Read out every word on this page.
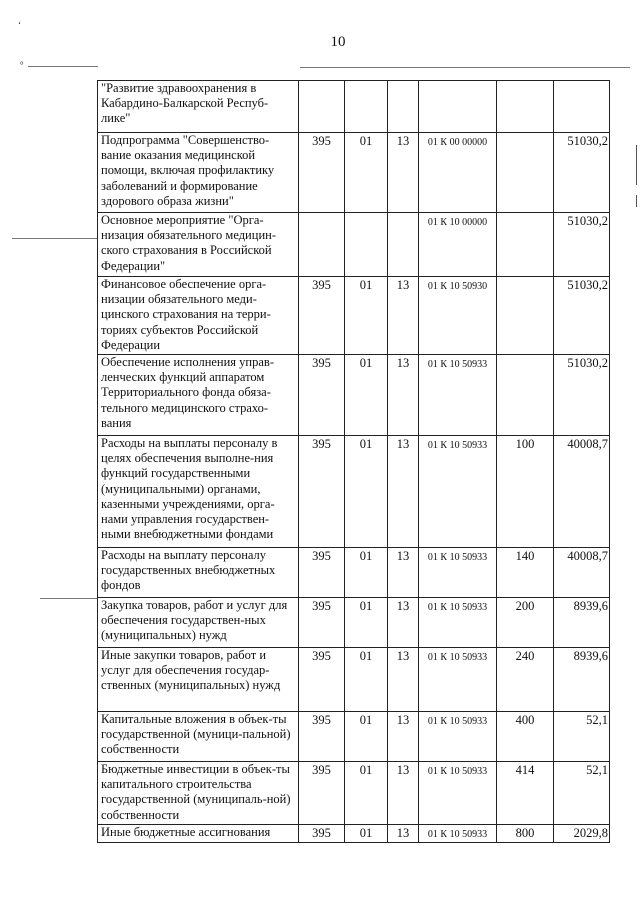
‘
°
10
"Развитие здравоохранения в Кабардино-Балкарской Респуб-лике"						
Подпрограмма "Совершенство-вание оказания медицинской помощи, включая профилактику заболеваний и формирование здорового образа жизни"	395	01	13	01 К 00 00000		51030,2
Основное мероприятие "Орга-низация обязательного медицин-ского страхования в Российской Федерации"				01 К 10 00000		51030,2
Финансовое обеспечение орга-низации обязательного меди-цинского страхования на терри-ториях субъектов Российской Федерации	395	01	13	01 К 10 50930		51030,2
Обеспечение исполнения управ-ленческих функций аппаратом Территориального фонда обяза-тельного медицинского страхо-вания	395	01	13	01 К 10 50933		51030,2
Расходы на выплаты персоналу в целях обеспечения выполне-ния функций государственными (муниципальными) органами, казенными учреждениями, орга-нами управления государствен-ными внебюджетными фондами	395	01	13	01 К 10 50933	100	40008,7
Расходы на выплату персоналу государственных внебюджетных фондов	395	01	13	01 К 10 50933	140	40008,7
Закупка товаров, работ и услуг для обеспечения государствен-ных (муниципальных) нужд	395	01	13	01 К 10 50933	200	8939,6
Иные закупки товаров, работ и услуг для обеспечения государ-ственных (муниципальных) нужд	395	01	13	01 К 10 50933	240	8939,6
Капитальные вложения в объек-ты государственной (муници-пальной) собственности	395	01	13	01 К 10 50933	400	52,1
Бюджетные инвестиции в объек-ты капитального строительства государственной (муниципаль-ной) собственности	395	01	13	01 К 10 50933	414	52,1
Иные бюджетные ассигнования	395	01	13	01 К 10 50933	800	2029,8
